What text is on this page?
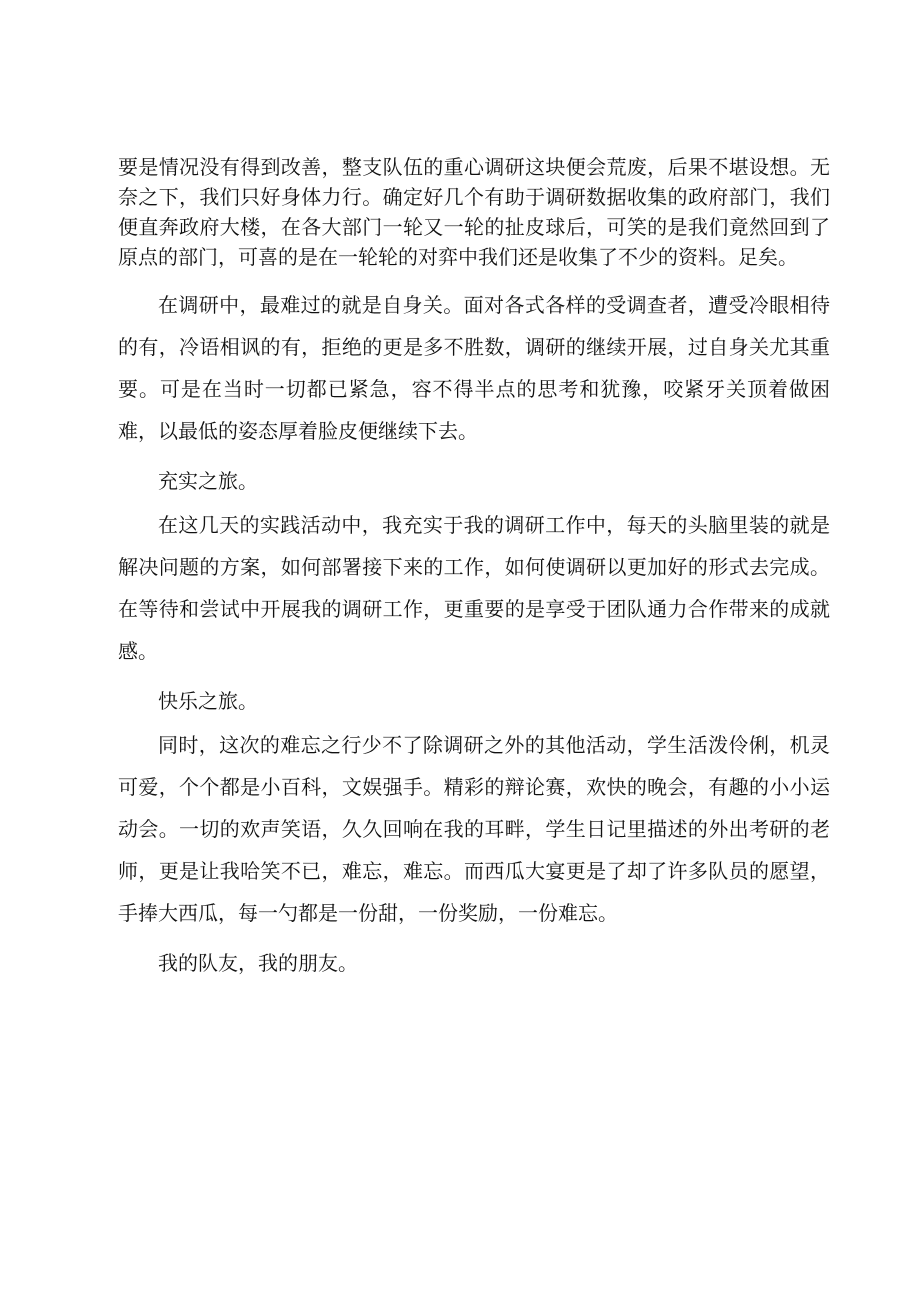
要是情况没有得到改善，整支队伍的重心调研这块便会荒废，后果不堪设想。无奈之下，我们只好身体力行。确定好几个有助于调研数据收集的政府部门，我们便直奔政府大楼，在各大部门一轮又一轮的扯皮球后，可笑的是我们竟然回到了原点的部门，可喜的是在一轮轮的对弈中我们还是收集了不少的资料。足矣。

在调研中，最难过的就是自身关。面对各式各样的受调查者，遭受冷眼相待的有，冷语相讽的有，拒绝的更是多不胜数，调研的继续开展，过自身关尤其重要。可是在当时一切都已紧急，容不得半点的思考和犹豫，咬紧牙关顶着做困难，以最低的姿态厚着脸皮便继续下去。

充实之旅。

在这几天的实践活动中，我充实于我的调研工作中，每天的头脑里装的就是解决问题的方案，如何部署接下来的工作，如何使调研以更加好的形式去完成。在等待和尝试中开展我的调研工作，更重要的是享受于团队通力合作带来的成就感。

快乐之旅。

同时，这次的难忘之行少不了除调研之外的其他活动，学生活泼伶俐，机灵可爱，个个都是小百科，文娱强手。精彩的辩论赛，欢快的晚会，有趣的小小运动会。一切的欢声笑语，久久回响在我的耳畔，学生日记里描述的外出考研的老师，更是让我哈笑不已，难忘，难忘。而西瓜大宴更是了却了许多队员的愿望，手捧大西瓜，每一勺都是一份甜，一份奖励，一份难忘。

我的队友，我的朋友。
